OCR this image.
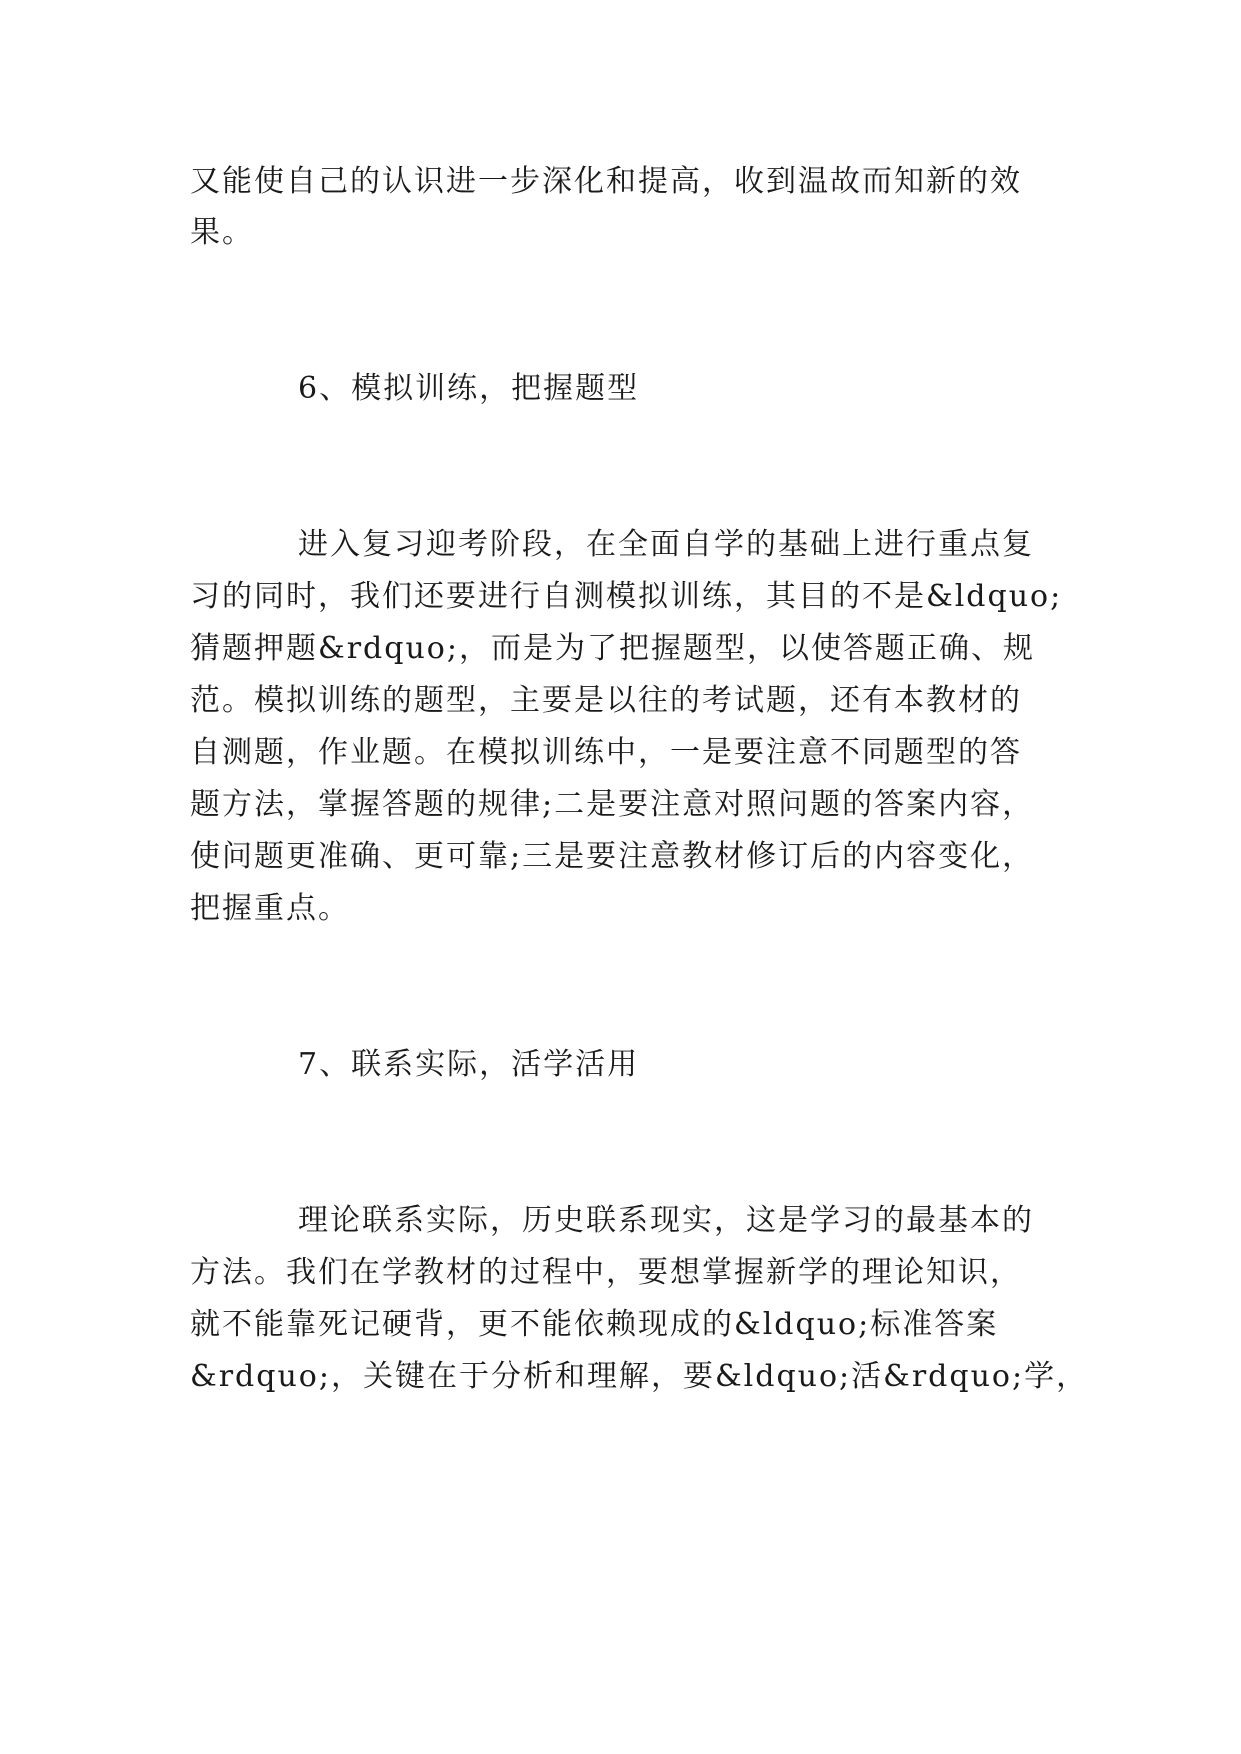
又能使自己的认识进一步深化和提高，收到温故而知新的效
果。
6、模拟训练，把握题型
进入复习迎考阶段，在全面自学的基础上进行重点复
习的同时，我们还要进行自测模拟训练，其目的不是&ldquo;
猜题押题&rdquo;，而是为了把握题型，以使答题正确、规
范。模拟训练的题型，主要是以往的考试题，还有本教材的
自测题，作业题。在模拟训练中，一是要注意不同题型的答
题方法，掌握答题的规律;二是要注意对照问题的答案内容，
使问题更准确、更可靠;三是要注意教材修订后的内容变化，
把握重点。
7、联系实际，活学活用
理论联系实际，历史联系现实，这是学习的最基本的
方法。我们在学教材的过程中，要想掌握新学的理论知识，
就不能靠死记硬背，更不能依赖现成的&ldquo;标准答案
&rdquo;，关键在于分析和理解，要&ldquo;活&rdquo;学，
